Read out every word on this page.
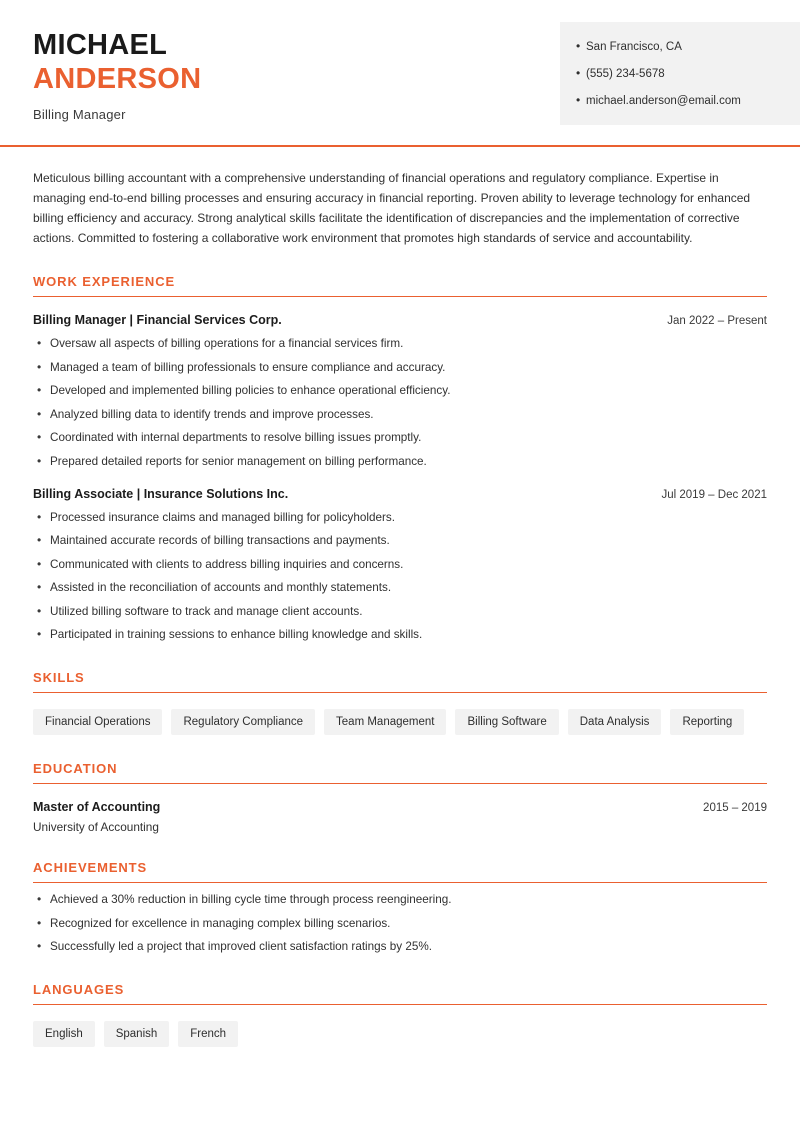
MICHAEL
ANDERSON
Billing Manager
• San Francisco, CA
• (555) 234-5678
• michael.anderson@email.com
Meticulous billing accountant with a comprehensive understanding of financial operations and regulatory compliance. Expertise in managing end-to-end billing processes and ensuring accuracy in financial reporting. Proven ability to leverage technology for enhanced billing efficiency and accuracy. Strong analytical skills facilitate the identification of discrepancies and the implementation of corrective actions. Committed to fostering a collaborative work environment that promotes high standards of service and accountability.
WORK EXPERIENCE
Billing Manager | Financial Services Corp.	Jan 2022 – Present
• Oversaw all aspects of billing operations for a financial services firm.
• Managed a team of billing professionals to ensure compliance and accuracy.
• Developed and implemented billing policies to enhance operational efficiency.
• Analyzed billing data to identify trends and improve processes.
• Coordinated with internal departments to resolve billing issues promptly.
• Prepared detailed reports for senior management on billing performance.
Billing Associate | Insurance Solutions Inc.	Jul 2019 – Dec 2021
• Processed insurance claims and managed billing for policyholders.
• Maintained accurate records of billing transactions and payments.
• Communicated with clients to address billing inquiries and concerns.
• Assisted in the reconciliation of accounts and monthly statements.
• Utilized billing software to track and manage client accounts.
• Participated in training sessions to enhance billing knowledge and skills.
SKILLS
Financial Operations	Regulatory Compliance	Team Management	Billing Software	Data Analysis	Reporting
EDUCATION
Master of Accounting	2015 – 2019
University of Accounting
ACHIEVEMENTS
• Achieved a 30% reduction in billing cycle time through process reengineering.
• Recognized for excellence in managing complex billing scenarios.
• Successfully led a project that improved client satisfaction ratings by 25%.
LANGUAGES
English	Spanish	French
